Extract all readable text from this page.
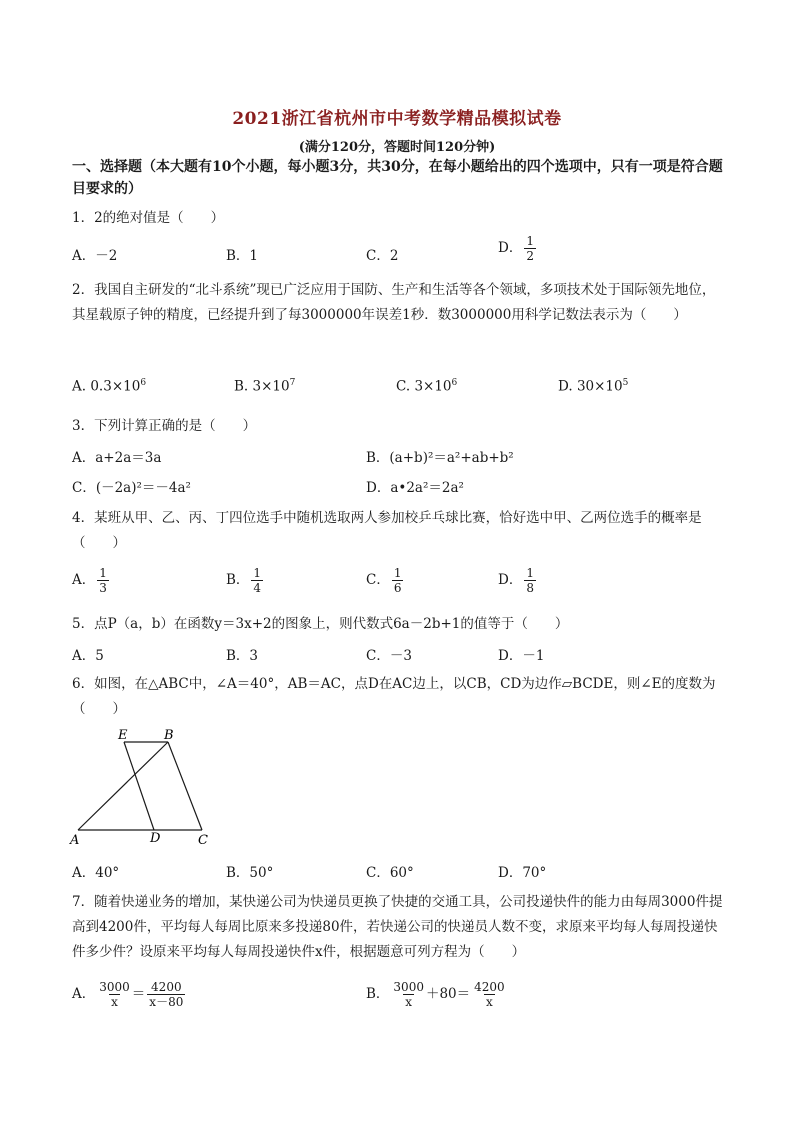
2021浙江省杭州市中考数学精品模拟试卷
(满分120分，答题时间120分钟)
一、选择题（本大题有10个小题，每小题3分，共30分，在每小题给出的四个选项中，只有一项是符合题目要求的）
1．2的绝对值是（　　）
A．－2	B．1	C．2	D． $\frac{1}{2}$
2．我国自主研发的“北斗系统”现已广泛应用于国防、生产和生活等各个领域，多项技术处于国际领先地位，其星载原子钟的精度，已经提升到了每3000000年误差1秒．数3000000用科学记数法表示为（　　）
A. $0.3\times 10^6$	B. $3\times 10^7$	C. $3\times 10^6$	D. $30\times 10^5$
3．下列计算正确的是（　　）
A．a+2a＝3a	B．(a+b)²＝a²+ab+b²
C．(－2a)²＝－4a²	D．a•2a²＝2a²
4．某班从甲、乙、丙、丁四位选手中随机选取两人参加校乒乓球比赛，恰好选中甲、乙两位选手的概率是（　　）
A． $\frac{1}{3}$	B． $\frac{1}{4}$	C． $\frac{1}{6}$	D． $\frac{1}{8}$
5．点P（a，b）在函数y＝3x+2的图象上，则代数式6a－2b+1的值等于（　　）
A．5	B．3	C．－3	D．－1
6．如图，在△ABC中，∠A＝40°，AB＝AC，点D在AC边上，以CB，CD为边作▱BCDE，则∠E的度数为（　　）
E	B
A	D	C
A．40°	B．50°	C．60°	D．70°
7．随着快递业务的增加，某快递公司为快递员更换了快捷的交通工具，公司投递快件的能力由每周3000件提高到4200件，平均每人每周比原来多投递80件，若快递公司的快递员人数不变，求原来平均每人每周投递快件多少件？设原来平均每人每周投递快件x件，根据题意可列方程为（　　）
A． $\frac{3000}{x} = \frac{4200}{x-80}$	B． $\frac{3000}{x} +80= \frac{4200}{x}$
